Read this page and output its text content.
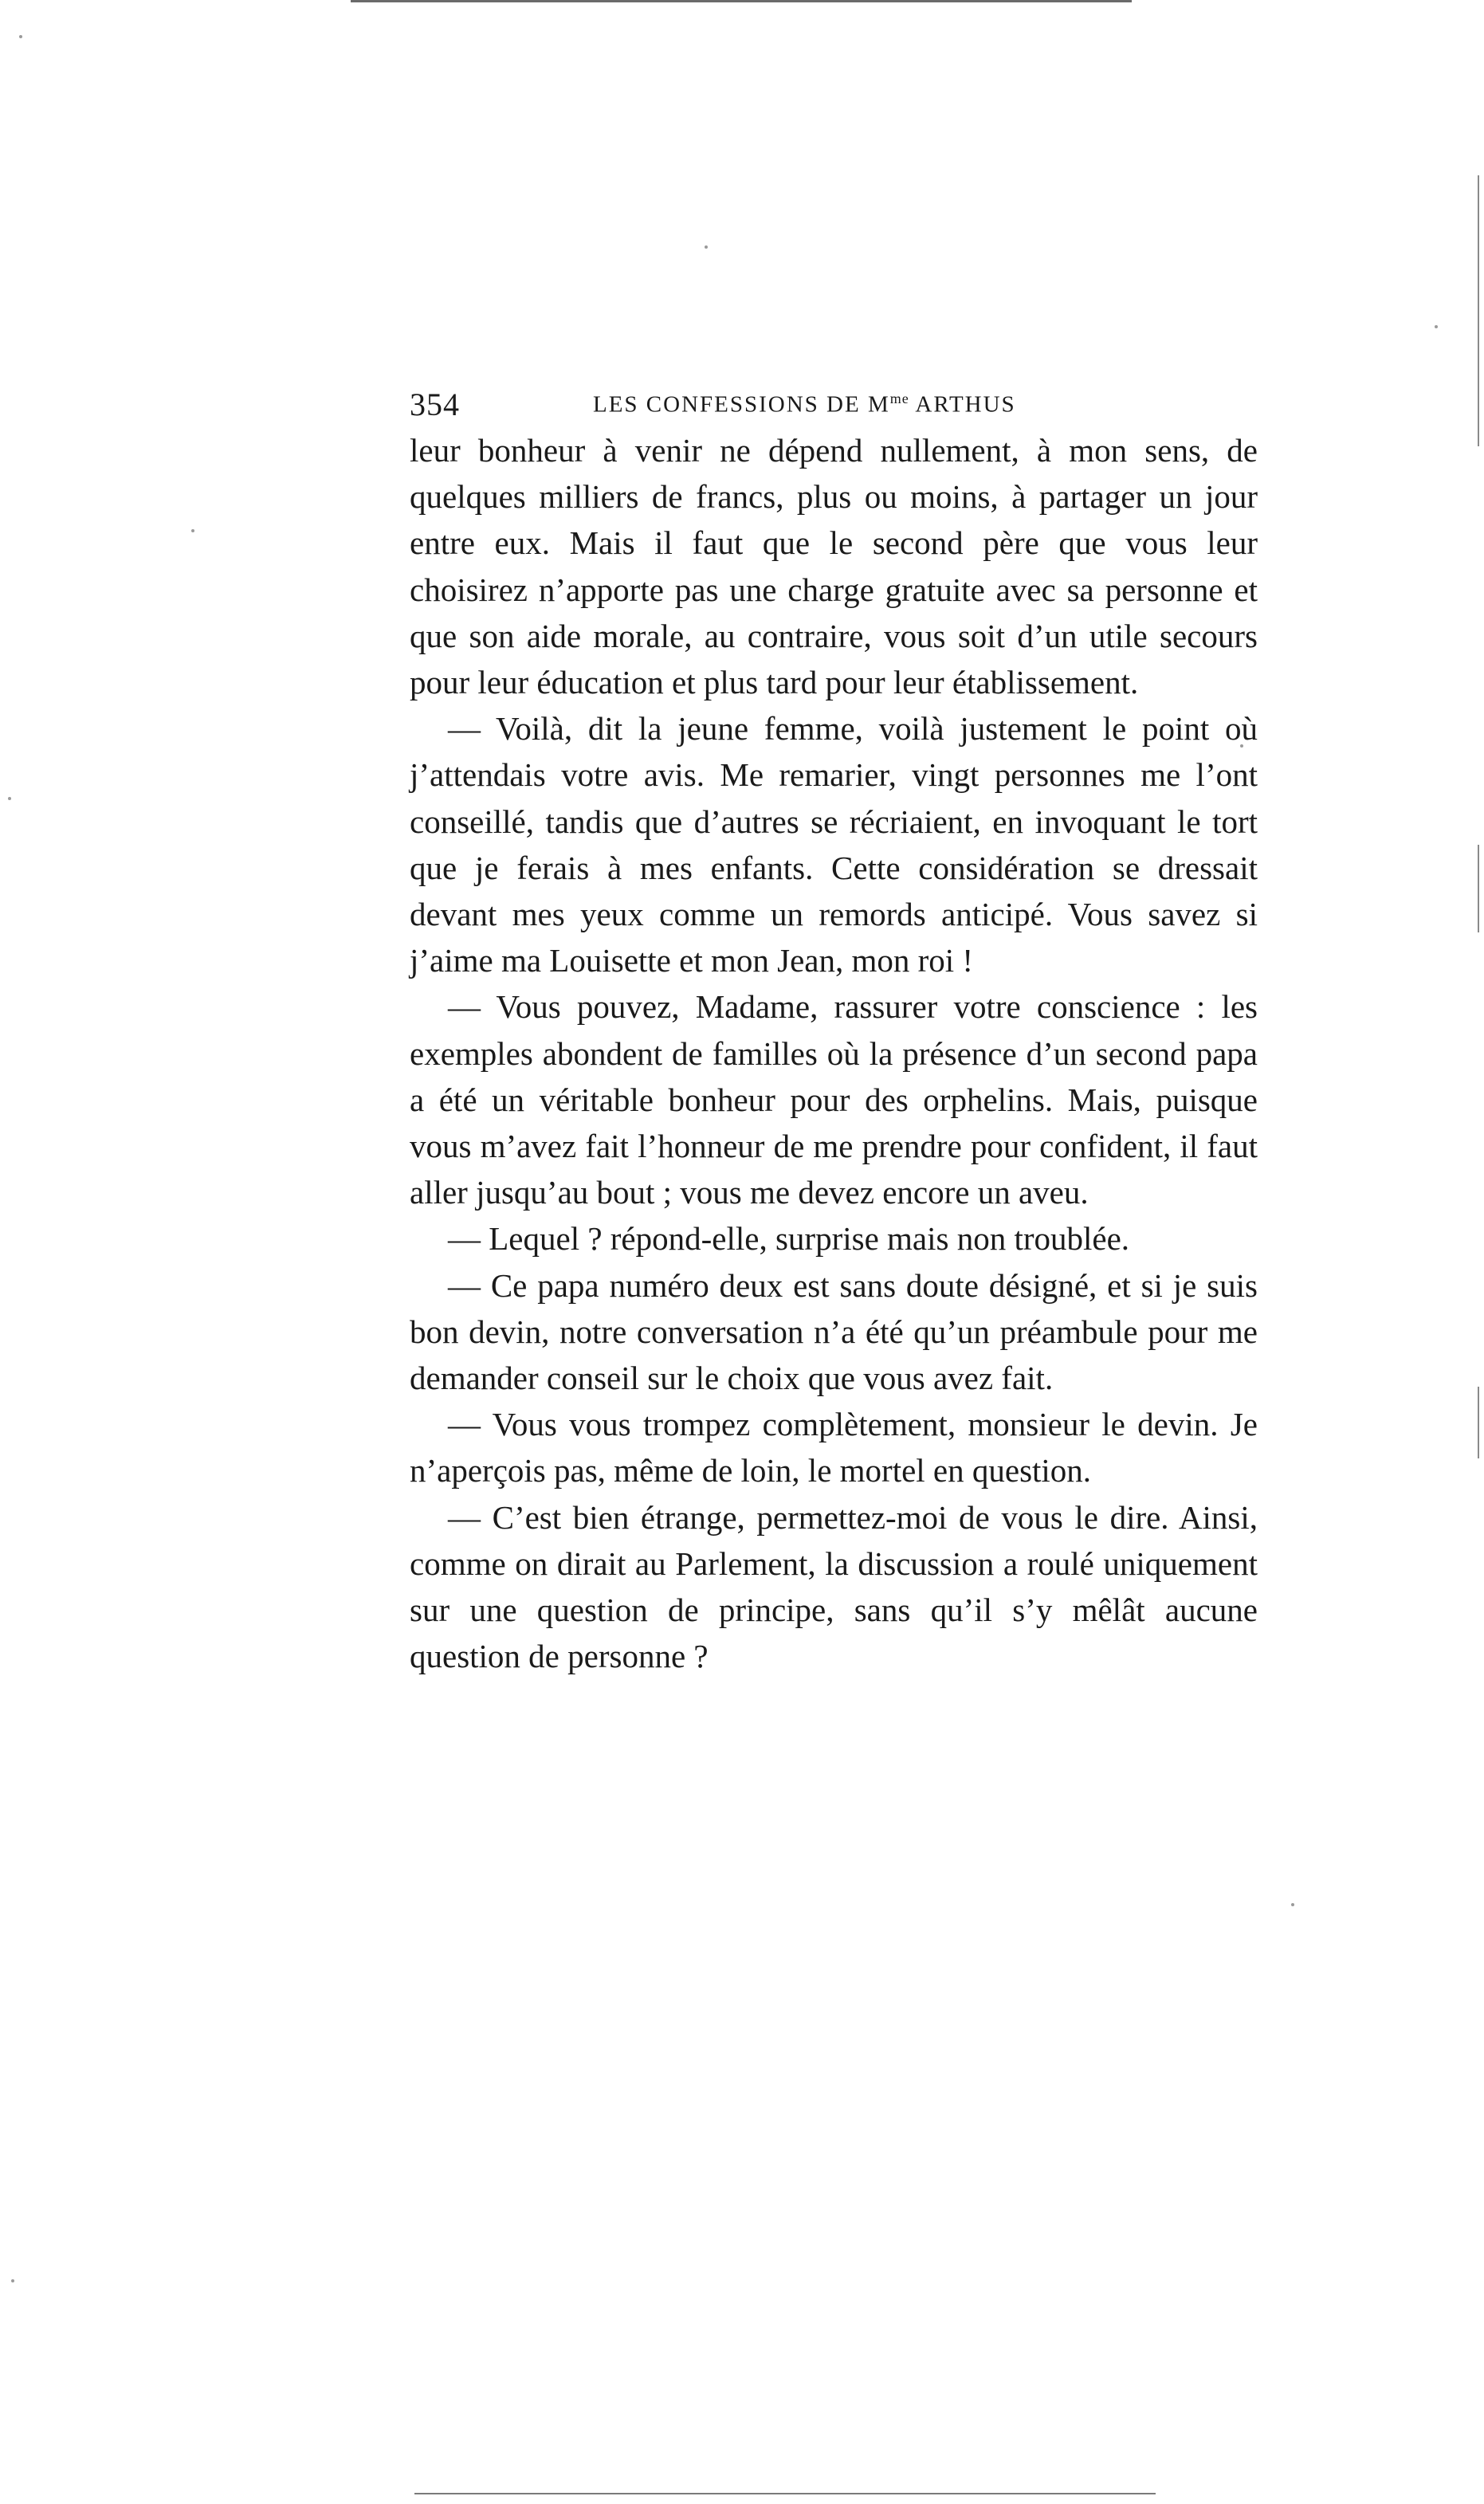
354	LES CONFESSIONS DE $M^{me}$ ARTHUS

leur bonheur à venir ne dépend nullement, à mon sens, de quelques milliers de francs, plus ou moins, à partager un jour entre eux. Mais il faut que le second père que vous leur choisirez n’apporte pas une charge gratuite avec sa personne et que son aide morale, au contraire, vous soit d’un utile secours pour leur éducation et plus tard pour leur établissement.

— Voilà, dit la jeune femme, voilà justement le point où j’attendais votre avis. Me remarier, vingt personnes me l’ont conseillé, tandis que d’autres se récriaient, en invoquant le tort que je ferais à mes enfants. Cette considération se dressait devant mes yeux comme un remords anticipé. Vous savez si j’aime ma Louisette et mon Jean, mon roi !

— Vous pouvez, Madame, rassurer votre conscience : les exemples abondent de familles où la présence d’un second papa a été un véritable bonheur pour des orphelins. Mais, puisque vous m’avez fait l’honneur de me prendre pour confident, il faut aller jusqu’au bout ; vous me devez encore un aveu.

— Lequel ? répond-elle, surprise mais non troublée.

— Ce papa numéro deux est sans doute désigné, et si je suis bon devin, notre conversation n’a été qu’un préambule pour me demander conseil sur le choix que vous avez fait.

— Vous vous trompez complètement, monsieur le devin. Je n’aperçois pas, même de loin, le mortel en question.

— C’est bien étrange, permettez-moi de vous le dire. Ainsi, comme on dirait au Parlement, la discussion a roulé uniquement sur une question de principe, sans qu’il s’y mêlât aucune question de personne ?
